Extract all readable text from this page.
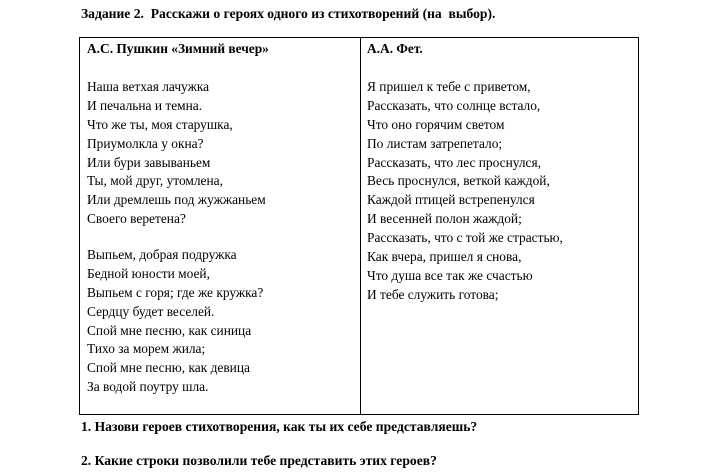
Задание 2.  Расскажи о героях одного из стихотворений (на  выбор).
А.С. Пушкин «Зимний вечер»
Наша ветхая лачужка
И печальна и темна.
Что же ты, моя старушка,
Приумолкла у окна?
Или бури завываньем
Ты, мой друг, утомлена,
Или дремлешь под жужжаньем
Своего веретена?
Выпьем, добрая подружка
Бедной юности моей,
Выпьем с горя; где же кружка?
Сердцу будет веселей.
Спой мне песню, как синица
Тихо за морем жила;
Спой мне песню, как девица
За водой поутру шла.
А.А. Фет.
Я пришел к тебе с приветом,
Рассказать, что солнце встало,
Что оно горячим светом
По листам затрепетало;
Рассказать, что лес проснулся,
Весь проснулся, веткой каждой,
Каждой птицей встрепенулся
И весенней полон жаждой;
Рассказать, что с той же страстью,
Как вчера, пришел я снова,
Что душа все так же счастью
И тебе служить готова;
1. Назови героев стихотворения, как ты их себе представляешь?
2. Какие строки позволили тебе представить этих героев?
